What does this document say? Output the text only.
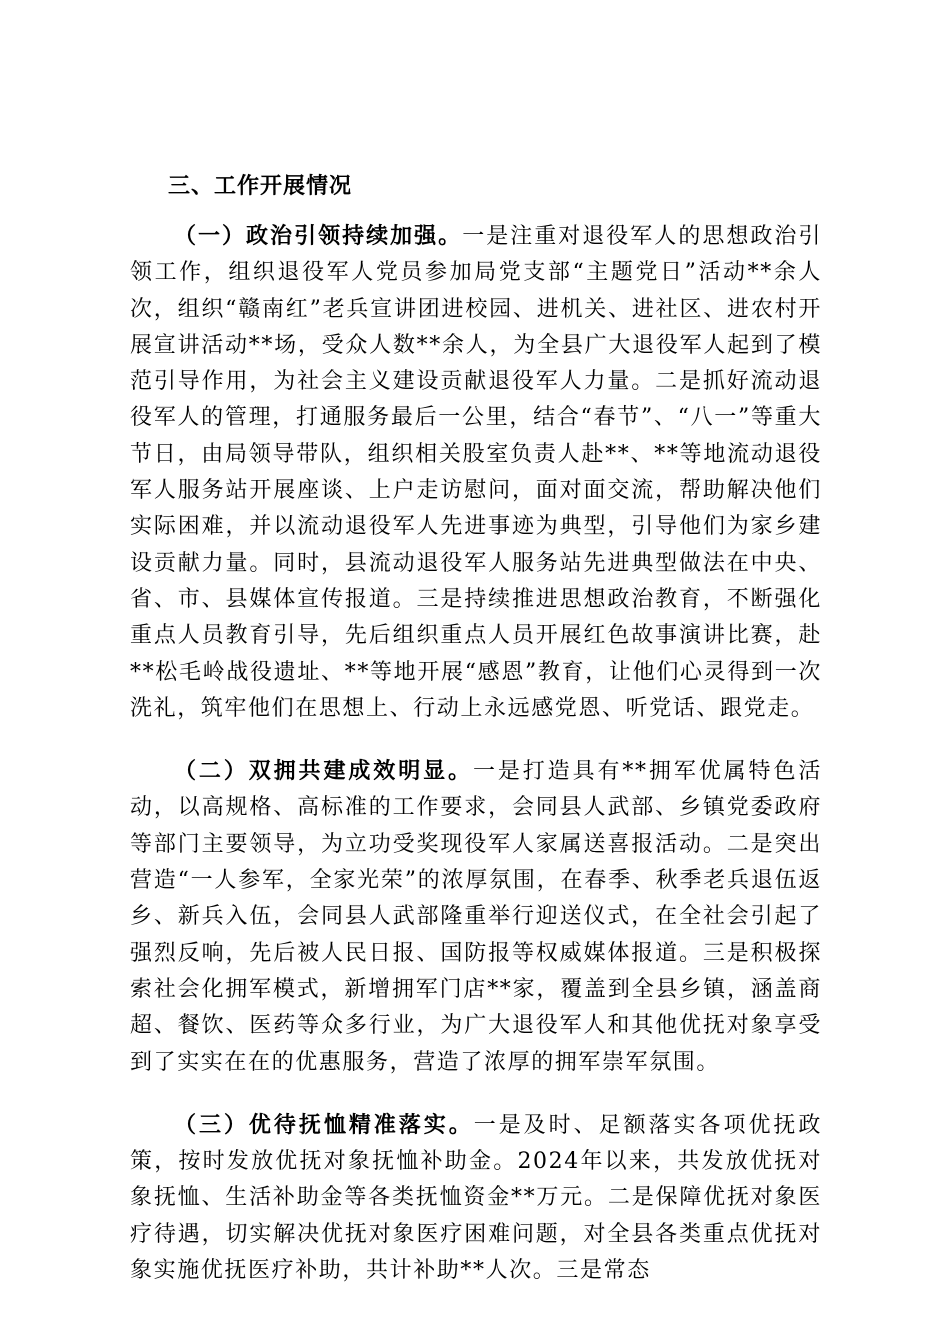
三、工作开展情况

（一）政治引领持续加强。一是注重对退役军人的思想政治引领工作，组织退役军人党员参加局党支部“主题党日”活动**余人次，组织“赣南红”老兵宣讲团进校园、进机关、进社区、进农村开展宣讲活动**场，受众人数**余人，为全县广大退役军人起到了模范引导作用，为社会主义建设贡献退役军人力量。二是抓好流动退役军人的管理，打通服务最后一公里，结合“春节”、“八一”等重大节日，由局领导带队，组织相关股室负责人赴**、**等地流动退役军人服务站开展座谈、上户走访慰问，面对面交流，帮助解决他们实际困难，并以流动退役军人先进事迹为典型，引导他们为家乡建设贡献力量。同时，县流动退役军人服务站先进典型做法在中央、省、市、县媒体宣传报道。三是持续推进思想政治教育，不断强化重点人员教育引导，先后组织重点人员开展红色故事演讲比赛，赴**松毛岭战役遗址、**等地开展“感恩”教育，让他们心灵得到一次洗礼，筑牢他们在思想上、行动上永远感党恩、听党话、跟党走。

（二）双拥共建成效明显。一是打造具有**拥军优属特色活动，以高规格、高标准的工作要求，会同县人武部、乡镇党委政府等部门主要领导，为立功受奖现役军人家属送喜报活动。二是突出营造“一人参军，全家光荣”的浓厚氛围，在春季、秋季老兵退伍返乡、新兵入伍，会同县人武部隆重举行迎送仪式，在全社会引起了强烈反响，先后被人民日报、国防报等权威媒体报道。三是积极探索社会化拥军模式，新增拥军门店**家，覆盖到全县乡镇，涵盖商超、餐饮、医药等众多行业，为广大退役军人和其他优抚对象享受到了实实在在的优惠服务，营造了浓厚的拥军崇军氛围。

（三）优待抚恤精准落实。一是及时、足额落实各项优抚政策，按时发放优抚对象抚恤补助金。2024年以来，共发放优抚对象抚恤、生活补助金等各类抚恤资金**万元。二是保障优抚对象医疗待遇，切实解决优抚对象医疗困难问题，对全县各类重点优抚对象实施优抚医疗补助，共计补助**人次。三是常态
